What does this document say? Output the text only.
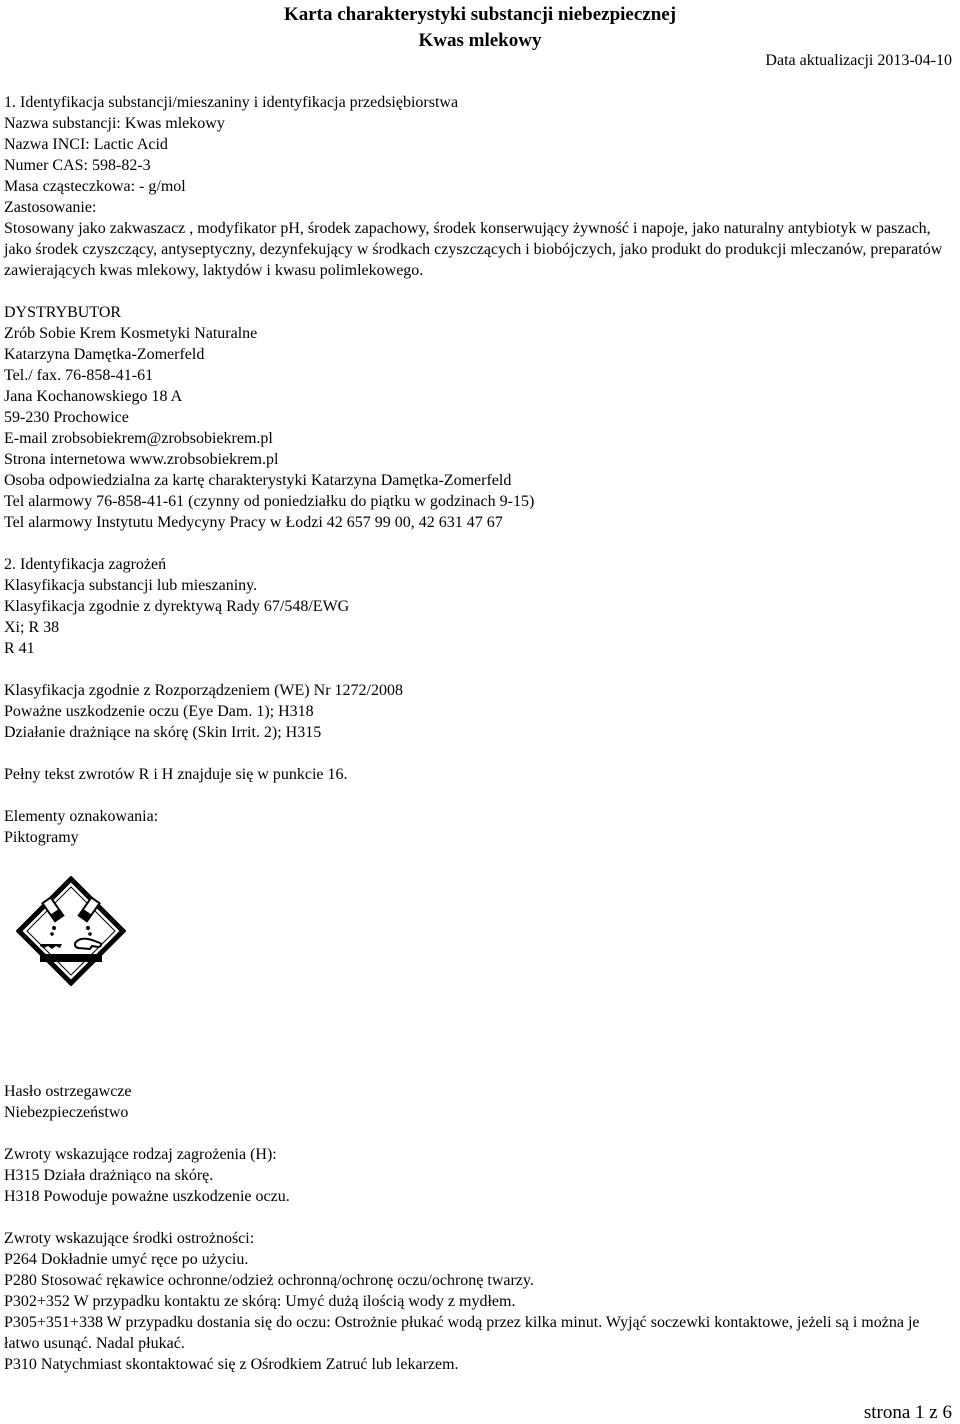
Karta charakterystyki substancji niebezpiecznej
Kwas mlekowy
Data aktualizacji 2013-04-10
1. Identyfikacja substancji/mieszaniny i identyfikacja przedsiębiorstwa
Nazwa substancji: Kwas mlekowy
Nazwa INCI: Lactic Acid
Numer CAS: 598-82-3
Masa cząsteczkowa: - g/mol
Zastosowanie:
Stosowany jako zakwaszacz , modyfikator pH, środek zapachowy, środek konserwujący żywność i napoje, jako naturalny antybiotyk w paszach, jako środek czyszczący, antyseptyczny, dezynfekujący w środkach czyszczących i biobójczych, jako produkt do produkcji mleczanów, preparatów zawierających kwas mlekowy, laktydów i kwasu polimlekowego.
DYSTRYBUTOR
Zrób Sobie Krem Kosmetyki Naturalne
Katarzyna Damętka-Zomerfeld
Tel./ fax. 76-858-41-61
Jana Kochanowskiego 18 A
59-230 Prochowice
E-mail zrobsobiekrem@zrobsobiekrem.pl
Strona internetowa www.zrobsobiekrem.pl
Osoba odpowiedzialna za kartę charakterystyki Katarzyna Damętka-Zomerfeld
Tel alarmowy 76-858-41-61 (czynny od poniedziałku do piątku w godzinach 9-15)
Tel alarmowy Instytutu Medycyny Pracy w Łodzi 42 657 99 00, 42 631 47 67
2. Identyfikacja zagrożeń
Klasyfikacja substancji lub mieszaniny.
Klasyfikacja zgodnie z dyrektywą Rady 67/548/EWG
Xi; R 38
R 41
Klasyfikacja zgodnie z Rozporządzeniem (WE) Nr 1272/2008
Poważne uszkodzenie oczu (Eye Dam. 1); H318
Działanie drażniące na skórę (Skin Irrit. 2); H315
Pełny tekst zwrotów R i H znajduje się w punkcie 16.
Elementy oznakowania:
Piktogramy
Hasło ostrzegawcze
Niebezpieczeństwo
Zwroty wskazujące rodzaj zagrożenia (H):
H315 Działa drażniąco na skórę.
H318 Powoduje poważne uszkodzenie oczu.
Zwroty wskazujące środki ostrożności:
P264 Dokładnie umyć ręce po użyciu.
P280 Stosować rękawice ochronne/odzież ochronną/ochronę oczu/ochronę twarzy.
P302+352 W przypadku kontaktu ze skórą: Umyć dużą ilością wody z mydłem.
P305+351+338 W przypadku dostania się do oczu: Ostrożnie płukać wodą przez kilka minut. Wyjąć soczewki kontaktowe, jeżeli są i można je łatwo usunąć. Nadal płukać.
P310 Natychmiast skontaktować się z Ośrodkiem Zatruć lub lekarzem.
strona 1 z 6
